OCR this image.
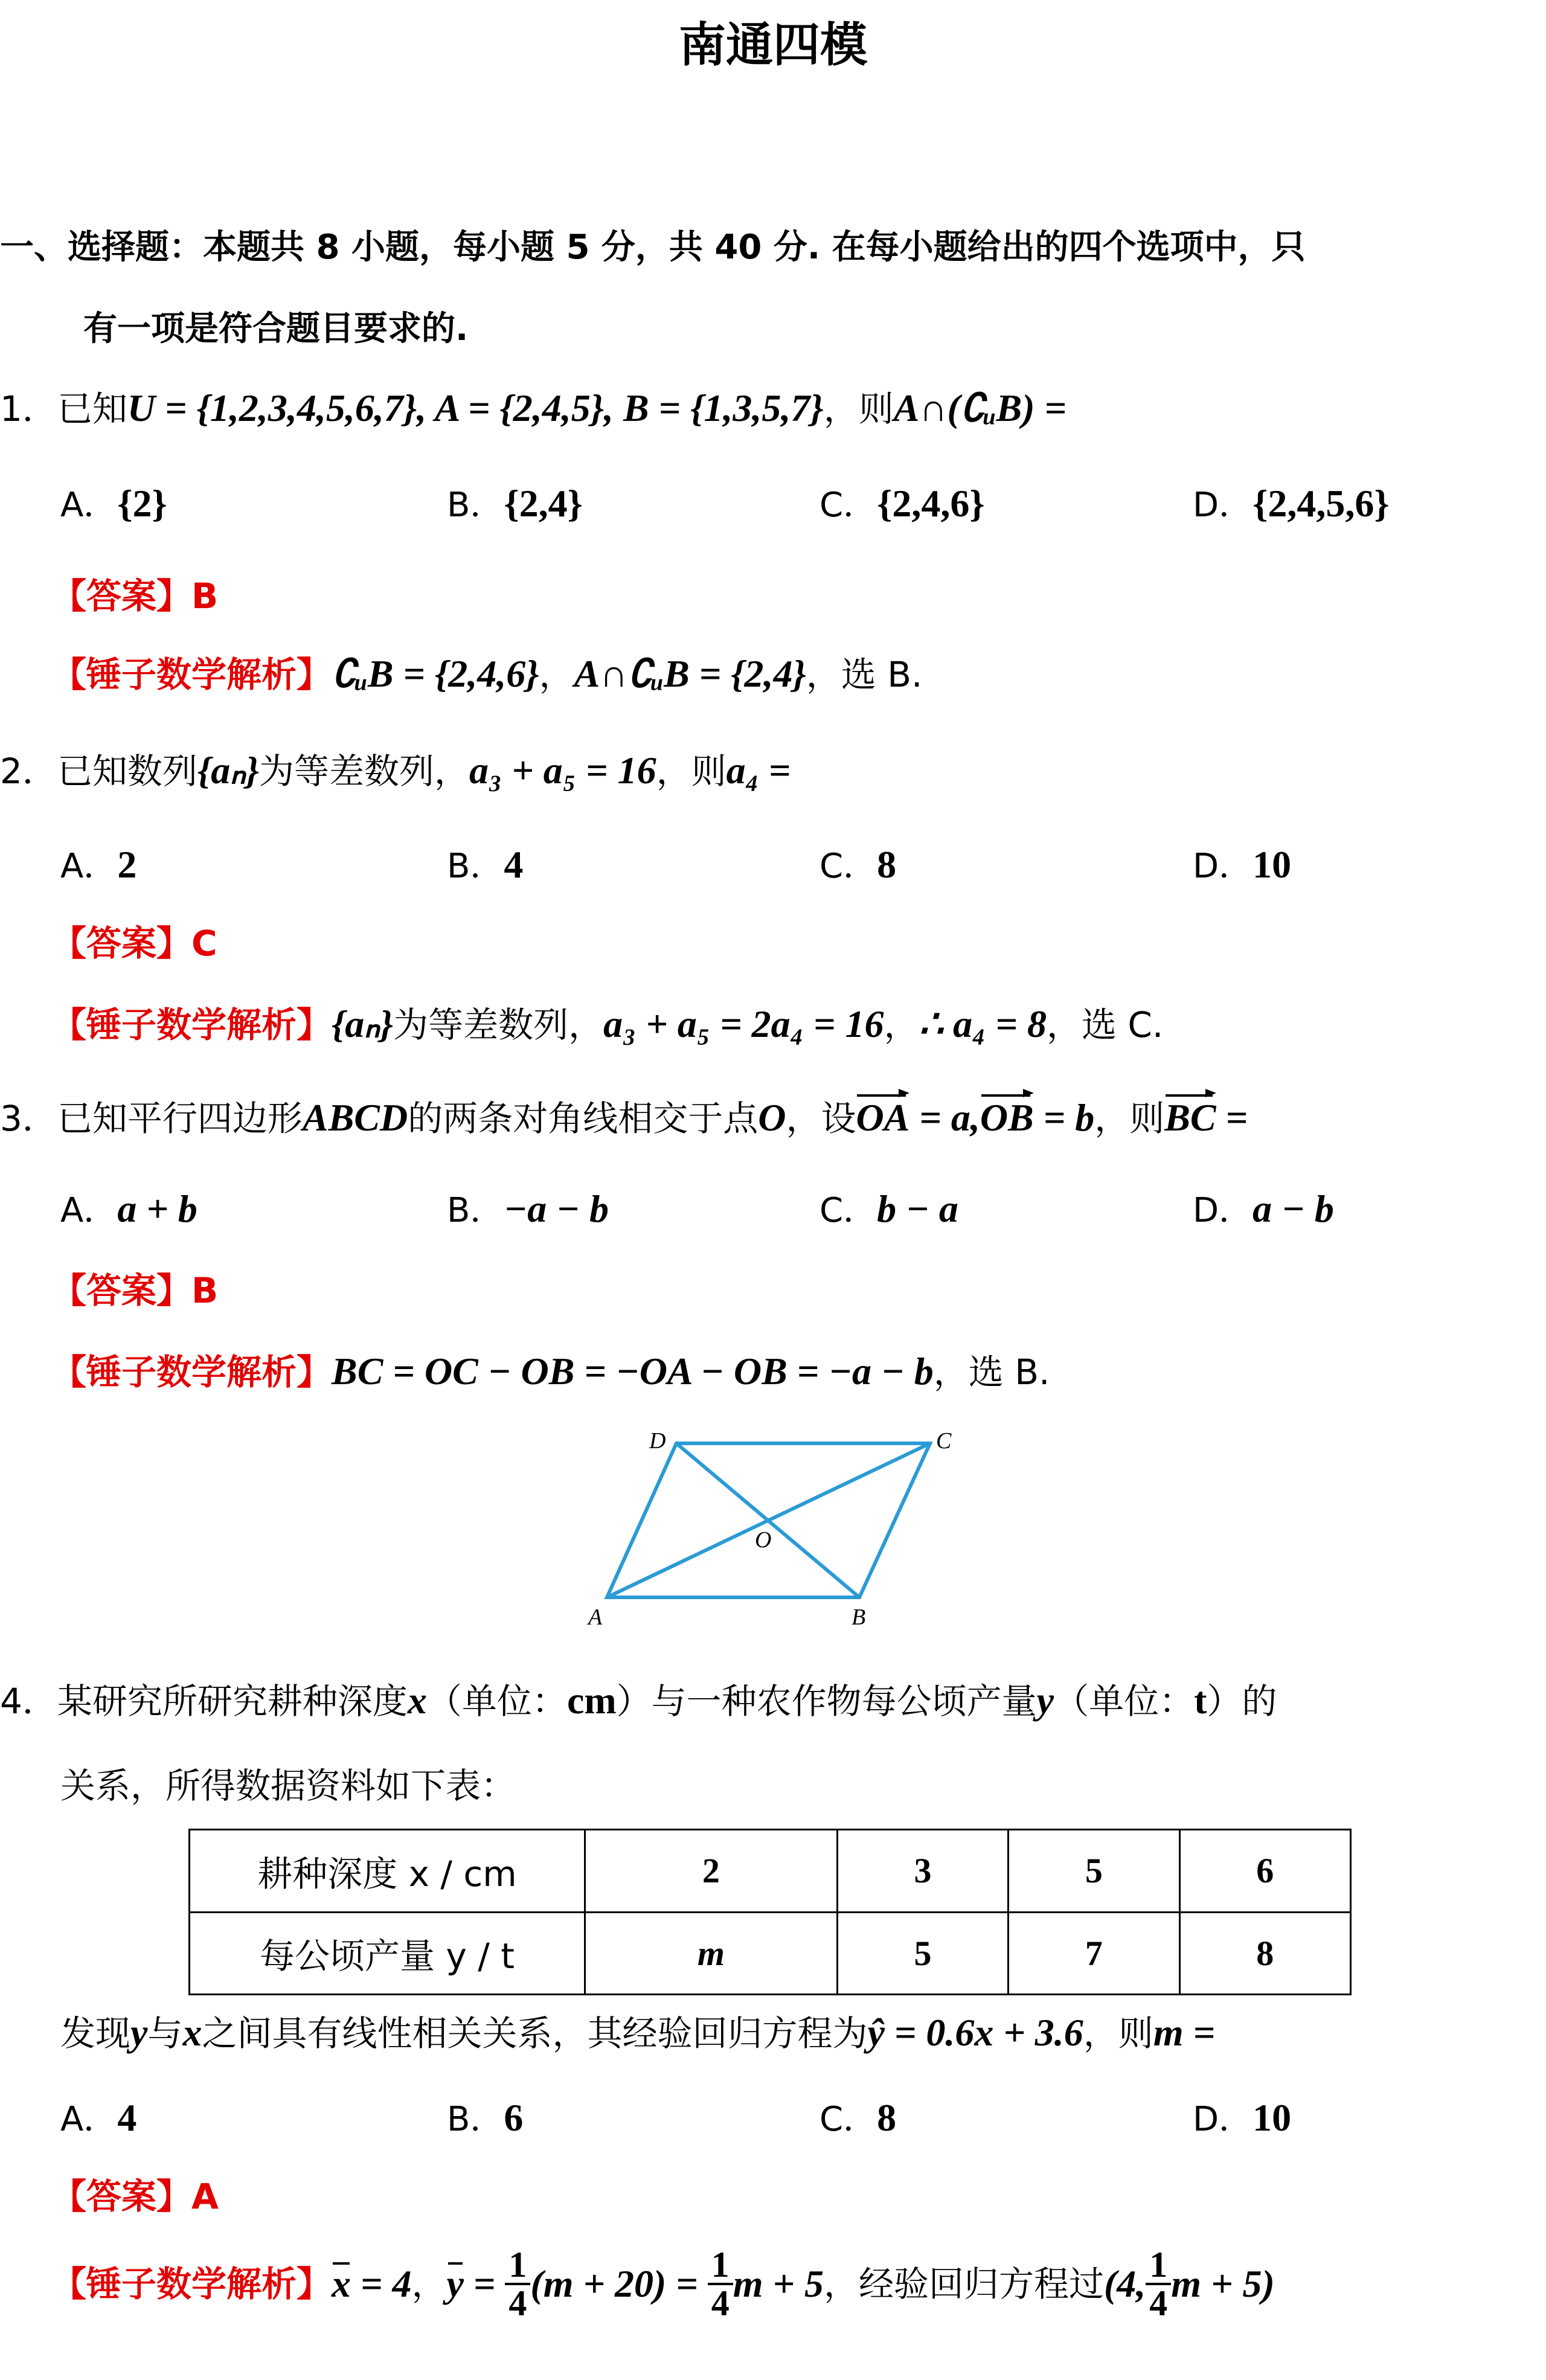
南通四模
一、选择题：本题共 8 小题，每小题 5 分，共 40 分. 在每小题给出的四个选项中，只
有一项是符合题目要求的.
1．已知U = {1,2,3,4,5,6,7}, A = {2,4,5}, B = {1,3,5,7}，则A∩(∁ᵤB) =
A．{2}	B．{2,4}	C．{2,4,6}	D．{2,4,5,6}
【答案】B
【锤子数学解析】∁ᵤB = {2,4,6}，A∩∁ᵤB = {2,4}，选 B.
2．已知数列{aₙ}为等差数列，a₃ + a₅ = 16，则a₄ =
A．2	B．4	C．8	D．10
【答案】C
【锤子数学解析】{aₙ}为等差数列，a₃ + a₅ = 2a₄ = 16，∴ a₄ = 8，选 C.
3．已知平行四边形ABCD的两条对角线相交于点O，设OA = a,OB = b，则BC =
A．a + b	B．−a − b	C．b − a	D．a − b
【答案】B
【锤子数学解析】BC = OC − OB = −OA − OB = −a − b，选 B.
A	B
C
D
O
4．某研究所研究耕种深度x（单位：cm）与一种农作物每公顷产量y（单位：t）的
关系，所得数据资料如下表：
耕种深度 x / cm	2	3	5	6
每公顷产量 y / t	m	5	7	8
发现y与x之间具有线性相关关系，其经验回归方程为ŷ = 0.6x + 3.6，则m =
A．4	B．6	C．8	D．10
【答案】A
【锤子数学解析】x = 4，$y = \frac{1}{4} (m + 20) = \frac{1}{4}$ m + 5，经验回归方程过(4, $\frac{1}{4}$ m + 5)
